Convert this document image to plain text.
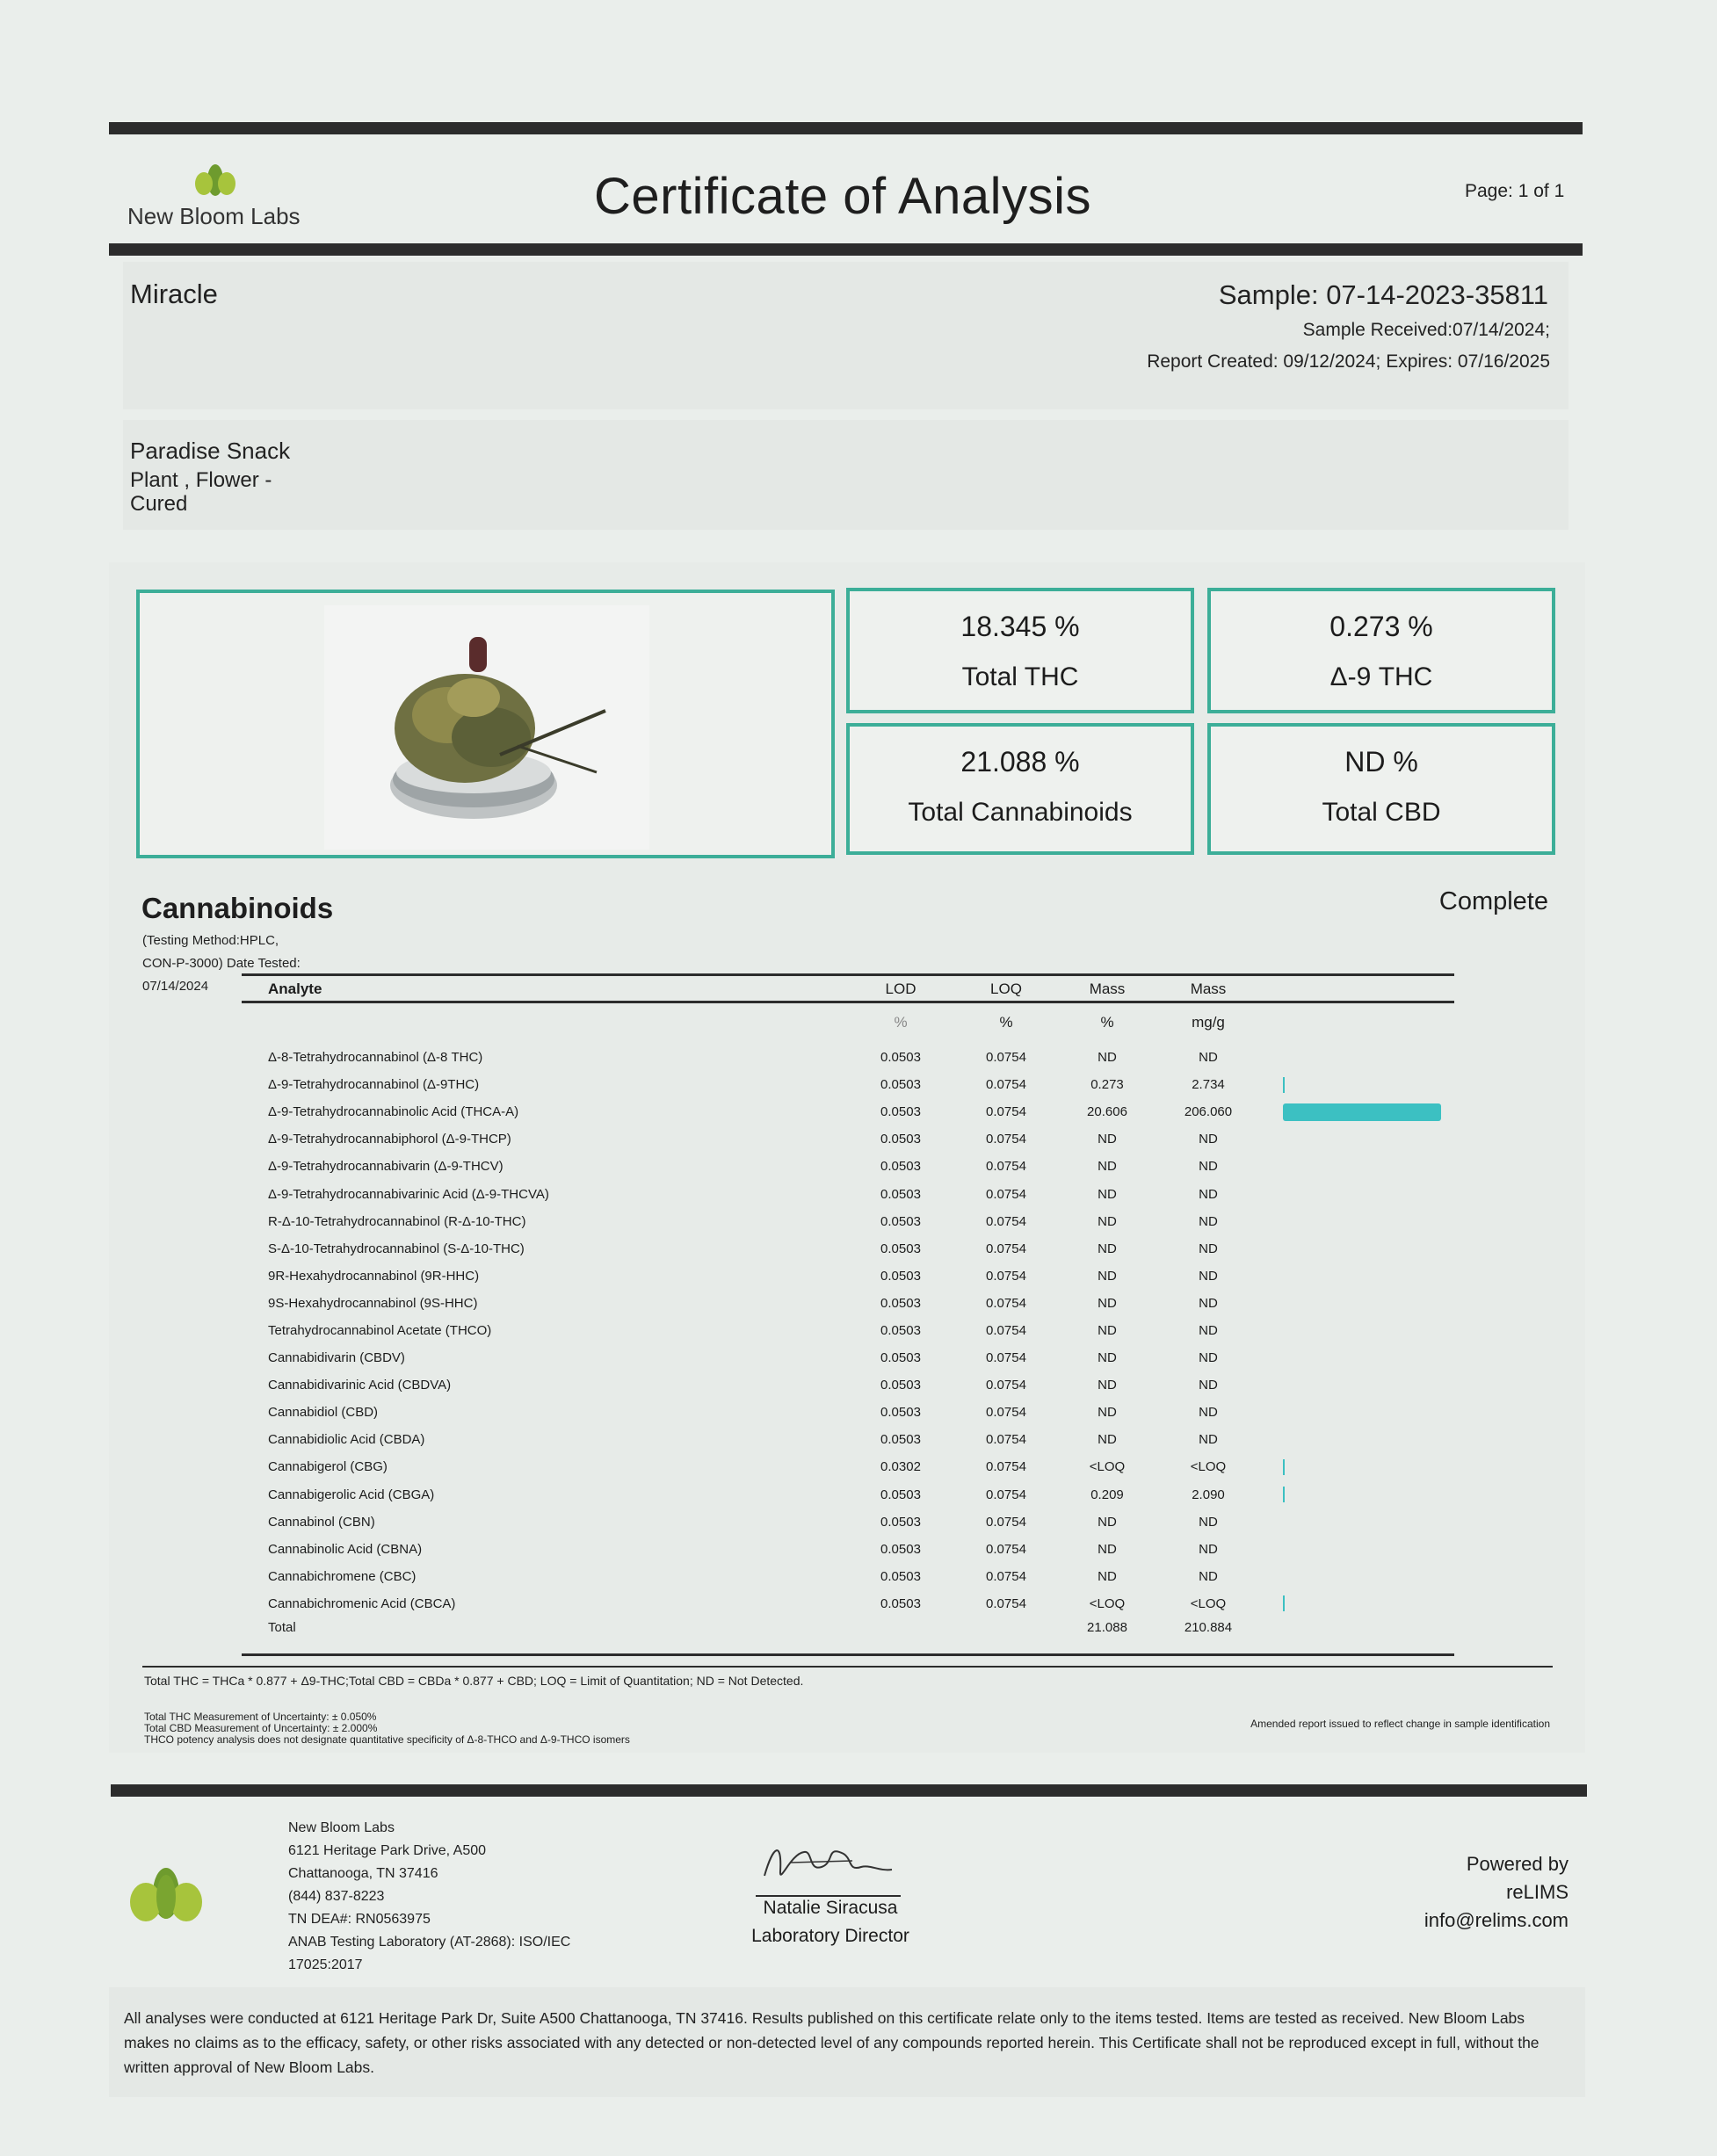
New Bloom Labs	Certificate of Analysis	Page: 1 of 1
Miracle	Sample: 07-14-2023-35811
Sample Received:07/14/2024;
Report Created: 09/12/2024; Expires: 07/16/2025
Paradise Snack
Plant , Flower -
Cured
18.345 %
Total THC
0.273 %
Δ-9 THC
21.088 %
Total Cannabinoids
ND %
Total CBD
Cannabinoids	Complete
(Testing Method:HPLC,
CON-P-3000) Date Tested:
07/14/2024	Analyte	LOD	LOQ	Mass	Mass	
	%	%	%	mg/g	
Δ-8-Tetrahydrocannabinol (Δ-8 THC)	0.0503	0.0754	ND	ND	
Δ-9-Tetrahydrocannabinol (Δ-9THC)	0.0503	0.0754	0.273	2.734	
Δ-9-Tetrahydrocannabinolic Acid (THCA-A)	0.0503	0.0754	20.606	206.060	
Δ-9-Tetrahydrocannabiphorol (Δ-9-THCP)	0.0503	0.0754	ND	ND	
Δ-9-Tetrahydrocannabivarin (Δ-9-THCV)	0.0503	0.0754	ND	ND	
Δ-9-Tetrahydrocannabivarinic Acid (Δ-9-THCVA)	0.0503	0.0754	ND	ND	
R-Δ-10-Tetrahydrocannabinol (R-Δ-10-THC)	0.0503	0.0754	ND	ND	
S-Δ-10-Tetrahydrocannabinol (S-Δ-10-THC)	0.0503	0.0754	ND	ND	
9R-Hexahydrocannabinol (9R-HHC)	0.0503	0.0754	ND	ND	
9S-Hexahydrocannabinol (9S-HHC)	0.0503	0.0754	ND	ND	
Tetrahydrocannabinol Acetate (THCO)	0.0503	0.0754	ND	ND	
Cannabidivarin (CBDV)	0.0503	0.0754	ND	ND	
Cannabidivarinic Acid (CBDVA)	0.0503	0.0754	ND	ND	
Cannabidiol (CBD)	0.0503	0.0754	ND	ND	
Cannabidiolic Acid (CBDA)	0.0503	0.0754	ND	ND	
Cannabigerol (CBG)	0.0302	0.0754	<LOQ	<LOQ	
Cannabigerolic Acid (CBGA)	0.0503	0.0754	0.209	2.090	
Cannabinol (CBN)	0.0503	0.0754	ND	ND	
Cannabinolic Acid (CBNA)	0.0503	0.0754	ND	ND	
Cannabichromene (CBC)	0.0503	0.0754	ND	ND	
Cannabichromenic Acid (CBCA)	0.0503	0.0754	<LOQ	<LOQ	
Total			21.088	210.884	
Total THC = THCa * 0.877 + Δ9-THC;Total CBD = CBDa * 0.877 + CBD; LOQ = Limit of Quantitation; ND = Not Detected.
Total THC Measurement of Uncertainty: ± 0.050%
Total CBD Measurement of Uncertainty: ± 2.000%
THCO potency analysis does not designate quantitative specificity of Δ-8-THCO and Δ-9-THCO isomers
Amended report issued to reflect change in sample identification
New Bloom Labs
6121 Heritage Park Drive, A500
Chattanooga, TN 37416
(844) 837-8223
TN DEA#: RN0563975
ANAB Testing Laboratory (AT-2868): ISO/IEC
17025:2017
Natalie Siracusa
Laboratory Director
Powered by
reLIMS
info@relims.com
All analyses were conducted at 6121 Heritage Park Dr, Suite A500 Chattanooga, TN 37416. Results published on this certificate relate only to the items tested. Items are tested as received. New Bloom Labs makes no claims as to the efficacy, safety, or other risks associated with any detected or non-detected level of any compounds reported herein. This Certificate shall not be reproduced except in full, without the written approval of New Bloom Labs.
